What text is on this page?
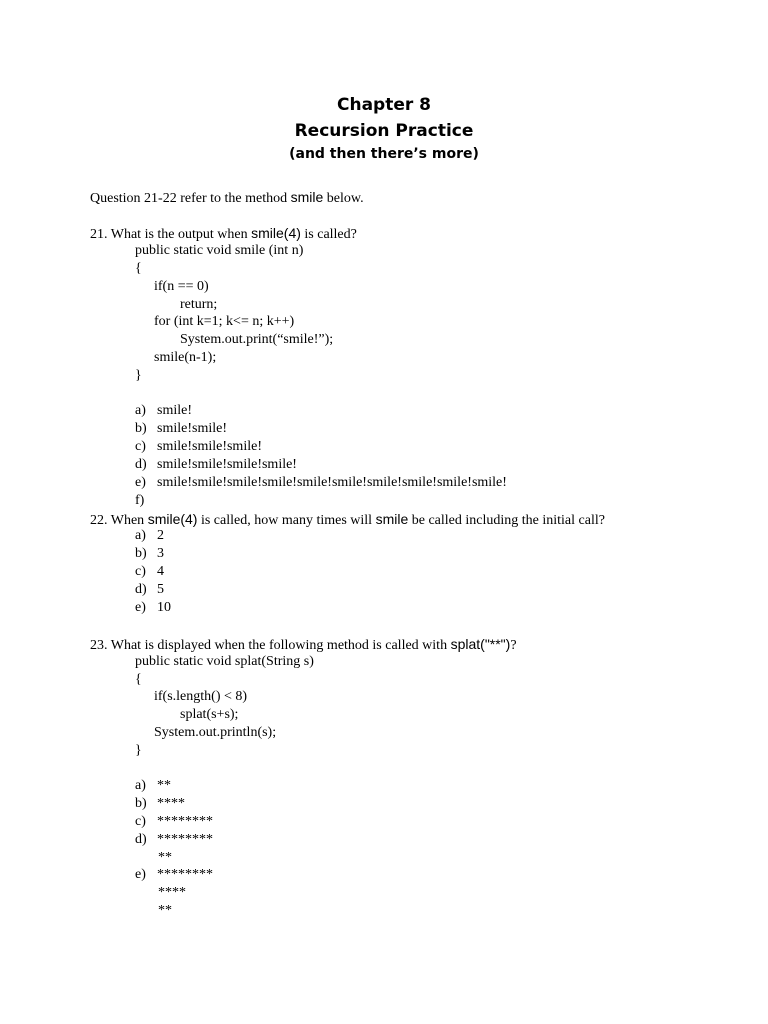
Chapter 8
Recursion Practice
(and then there’s more)
Question 21-22 refer to the method smile below.
21. What is the output when smile(4) is called?
public static void smile (int n)
{
if(n == 0)
return;
for (int k=1; k<= n; k++)
System.out.print(“smile!”);
smile(n-1);
}
a) smile!
b) smile!smile!
c) smile!smile!smile!
d) smile!smile!smile!smile!
e) smile!smile!smile!smile!smile!smile!smile!smile!smile!smile!
f)
22. When smile(4) is called, how many times will smile be called including the initial call?
a) 2
b) 3
c) 4
d) 5
e) 10
23. What is displayed when the following method is called with splat("**")?
public static void splat(String s)
{
if(s.length() < 8)
splat(s+s);
System.out.println(s);
}
a) **
b) ****
c) ********
d) ********
**
e) ********
****
**
